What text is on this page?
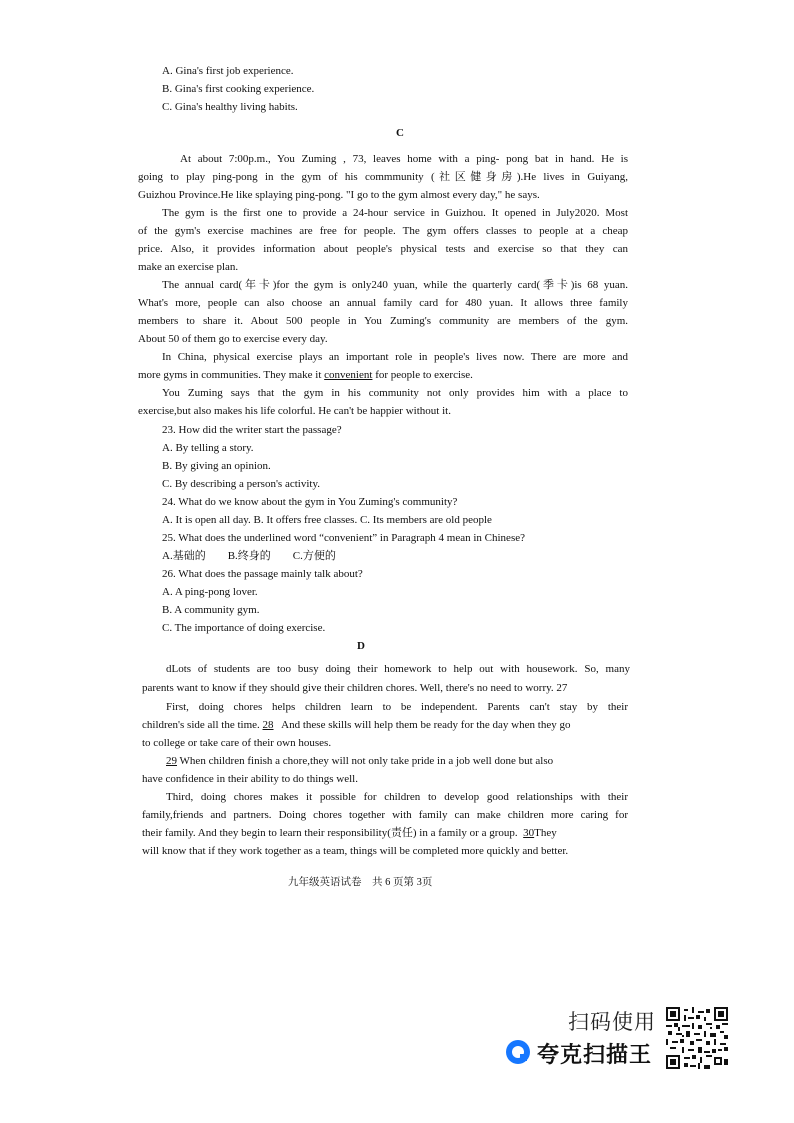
A. Gina's first job experience.
B. Gina's first cooking experience.
C. Gina's healthy living habits.
C
At about 7:00p.m., You Zuming , 73, leaves home with a ping- pong bat in hand. He is
going to play ping-pong in the gym of his commmunity (社区健身房).He lives in Guiyang,
Guizhou Province.He like splaying ping-pong. "I go to the gym almost every day," he says.
The gym is the first one to provide a 24-hour service in Guizhou. It opened in July2020. Most
of the gym's exercise machines are free for people. The gym offers classes to people at a cheap
price. Also, it provides information about people's physical tests and exercise so that they can
make an exercise plan.
The annual card(年卡)for the gym is only240 yuan, while the quarterly card(季卡)is 68 yuan.
What's more, people can also choose an annual family card for 480 yuan. It allows three family
members to share it. About 500 people in You Zuming's community are members of the gym.
About 50 of them go to exercise every day.
In China, physical exercise plays an important role in people's lives now. There are more and
more gyms in communities. They make it convenient for people to exercise.
You Zuming says that the gym in his community not only provides him with a place to
exercise,but also makes his life colorful. He can't be happier without it.
23. How did the writer start the passage?
A. By telling a story.
B. By giving an opinion.
C. By describing a person's activity.
24. What do we know about the gym in You Zuming's community?
A. It is open all day. B. It offers free classes. C. Its members are old people
25. What does the underlined word “convenient” in Paragraph 4 mean in Chinese?
A.基础的        B.终身的        C.方便的
26. What does the passage mainly talk about?
A. A ping-pong lover.
B. A community gym.
C. The importance of doing exercise.
D
dLots of students are too busy doing their homework to help out with housework. So, many
parents want to know if they should give their children chores. Well, there's no need to worry. 27
First, doing chores helps children learn to be independent. Parents can't stay by their
children's side all the time. 28   And these skills will help them be ready for the day when they go
to college or take care of their own houses.
29 When children finish a chore,they will not only take pride in a job well done but also
have confidence in their ability to do things well.
Third, doing chores makes it possible for children to develop good relationships with their
family,friends and partners. Doing chores together with family can make children more caring for
their family. And they begin to learn their responsibility(责任) in a family or a group.  30They
will know that if they work together as a team, things will be completed more quickly and better.
九年级英语试卷    共 6 页第 3页
扫码使用
夸克扫描王
